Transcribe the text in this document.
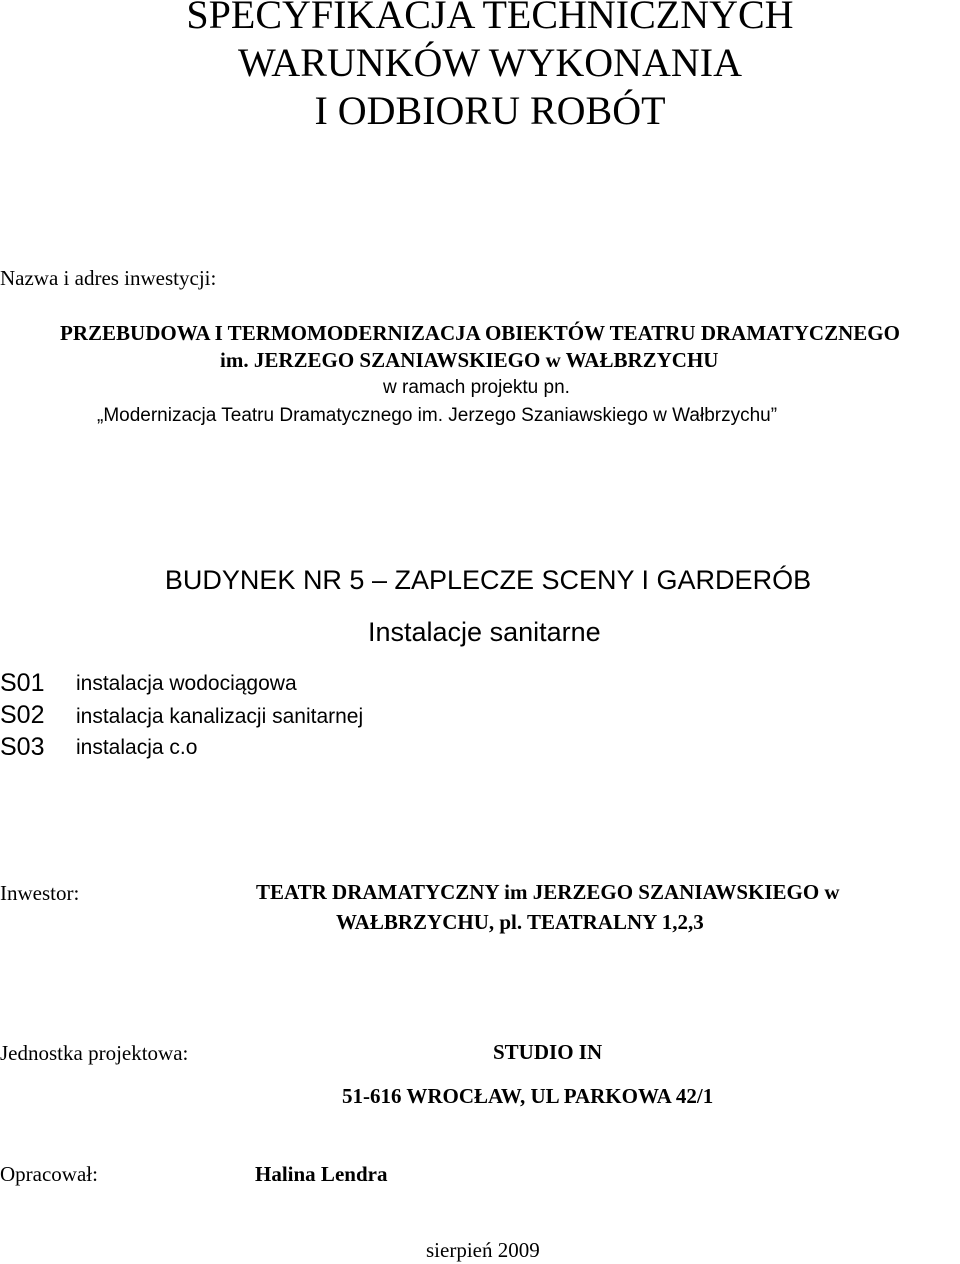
SPECYFIKACJA TECHNICZNYCH
WARUNKÓW WYKONANIA
I ODBIORU ROBÓT
Nazwa i adres inwestycji:
PRZEBUDOWA I TERMOMODERNIZACJA OBIEKTÓW TEATRU DRAMATYCZNEGO
im. JERZEGO SZANIAWSKIEGO w WAŁBRZYCHU
w ramach projektu pn.
„Modernizacja Teatru Dramatycznego im. Jerzego Szaniawskiego w Wałbrzychu”
BUDYNEK NR 5 – ZAPLECZE SCENY I GARDERÓB
Instalacje sanitarne
S01 instalacja wodociągowa
S02 instalacja kanalizacji sanitarnej
S03 instalacja c.o
Inwestor:	TEATR DRAMATYCZNY im JERZEGO SZANIAWSKIEGO w
WAŁBRZYCHU, pl. TEATRALNY 1,2,3
Jednostka projektowa:	STUDIO IN
51-616 WROCŁAW, UL PARKOWA 42/1
Opracował:	Halina Lendra
sierpień 2009
